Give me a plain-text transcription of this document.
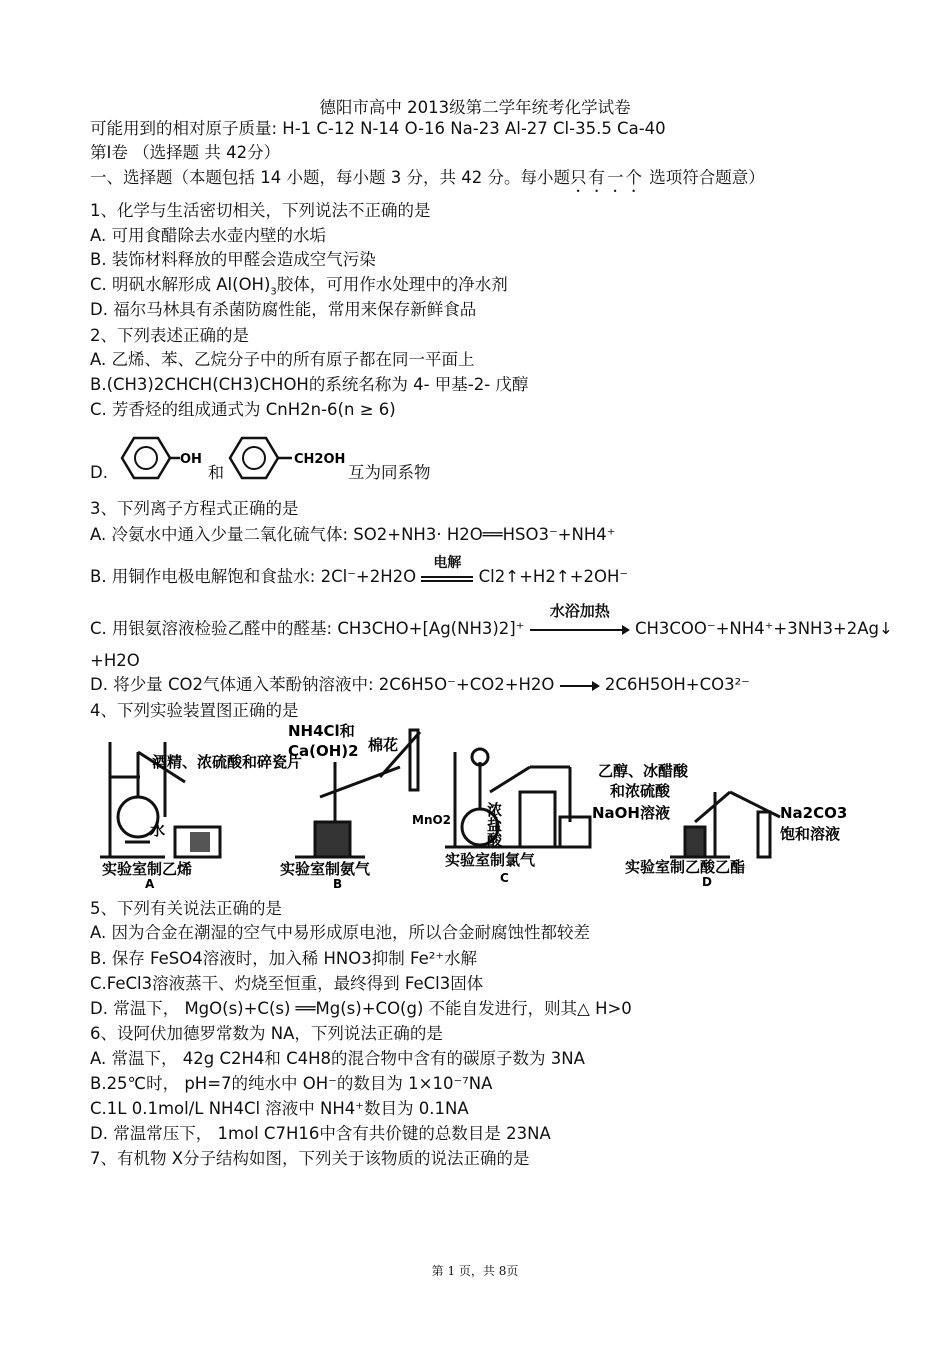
德阳市高中 2013级第二学年统考化学试卷
可能用到的相对原子质量: H-1 C-12 N-14 O-16 Na-23 Al-27 Cl-35.5 Ca-40
第Ⅰ卷 （选择题 共 42分）
一、选择题（本题包括 14 小题，每小题 3 分，共 42 分。每小题只有一个 选项符合题意）
1、化学与生活密切相关，下列说法不正确的是
A. 可用食醋除去水壶内壁的水垢
B. 装饰材料释放的甲醛会造成空气污染
C. 明矾水解形成 $Al(OH)_3$胶体，可用作水处理中的净水剂
D. 福尔马林具有杀菌防腐性能，常用来保存新鲜食品
2、下列表述正确的是
A. 乙烯、苯、乙烷分子中的所有原子都在同一平面上
B.(CH3)2CHCH(CH3)CHOH的系统名称为 4- 甲基-2- 戊醇
C. 芳香烃的组成通式为 CnH2n-6(n ≥ 6)
D.
OH
和
CH2OH
互为同系物
3、下列离子方程式正确的是
A. 冷氨水中通入少量二氧化硫气体: SO2+NH3· H2O══HSO3⁻+NH4⁺
B. 用铜作电极电解饱和食盐水: 2Cl⁻+2H2O
电解
Cl2↑+H2↑+2OH⁻
C. 用银氨溶液检验乙醛中的醛基: CH3CHO+[Ag(NH3)2]⁺
水浴加热
CH3COO⁻+NH4⁺+3NH3+2Ag↓
+H2O
D. 将少量 CO2气体通入苯酚钠溶液中: 2C6H5O⁻+CO2+H2O	2C6H5OH+CO3²⁻
4、下列实验装置图正确的是
酒精、浓硫酸和碎瓷片
水
实验室制乙烯
A
NH4Cl和
Ca(OH)2 棉花
实验室制氨气
B
MnO2 浓盐酸	NaOH溶液
实验室制氯气
C
乙醇、冰醋酸
和浓硫酸
Na2CO3
饱和溶液
实验室制乙酸乙酯
D
5、下列有关说法正确的是
A. 因为合金在潮湿的空气中易形成原电池，所以合金耐腐蚀性都较差
B. 保存 FeSO4溶液时，加入稀 HNO3抑制 Fe²⁺水解
C.FeCl3溶液蒸干、灼烧至恒重，最终得到 FeCl3固体
D. 常温下， MgO(s)+C(s) ══Mg(s)+CO(g) 不能自发进行，则其△ H>0
6、设阿伏加德罗常数为 NA，下列说法正确的是
A. 常温下， 42g C2H4和 C4H8的混合物中含有的碳原子数为 3NA
B.25℃时， pH=7的纯水中 OH⁻的数目为 1×10⁻⁷NA
C.1L 0.1mol/L NH4Cl 溶液中 NH4⁺数目为 0.1NA
D. 常温常压下， 1mol C7H16中含有共价键的总数目是 23NA
7、有机物 X分子结构如图，下列关于该物质的说法正确的是
第 1 页，共 8页
